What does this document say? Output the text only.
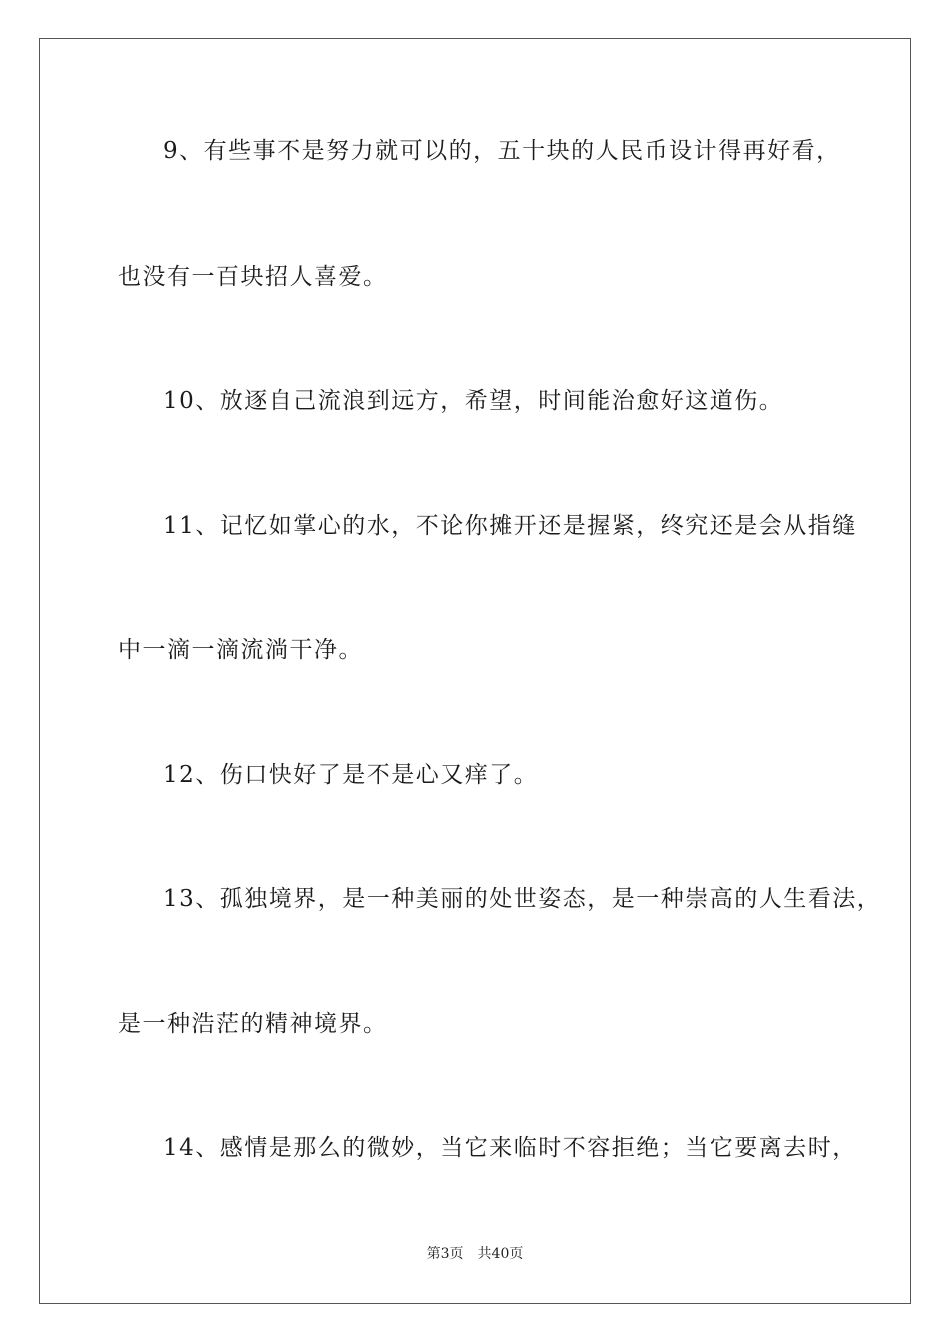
9、有些事不是努力就可以的，五十块的人民币设计得再好看，
也没有一百块招人喜爱。
10、放逐自己流浪到远方，希望，时间能治愈好这道伤。
11、记忆如掌心的水，不论你摊开还是握紧，终究还是会从指缝
中一滴一滴流淌干净。
12、伤口快好了是不是心又痒了。
13、孤独境界，是一种美丽的处世姿态，是一种崇高的人生看法，
是一种浩茫的精神境界。
14、感情是那么的微妙，当它来临时不容拒绝；当它要离去时，
第3页 共40页
